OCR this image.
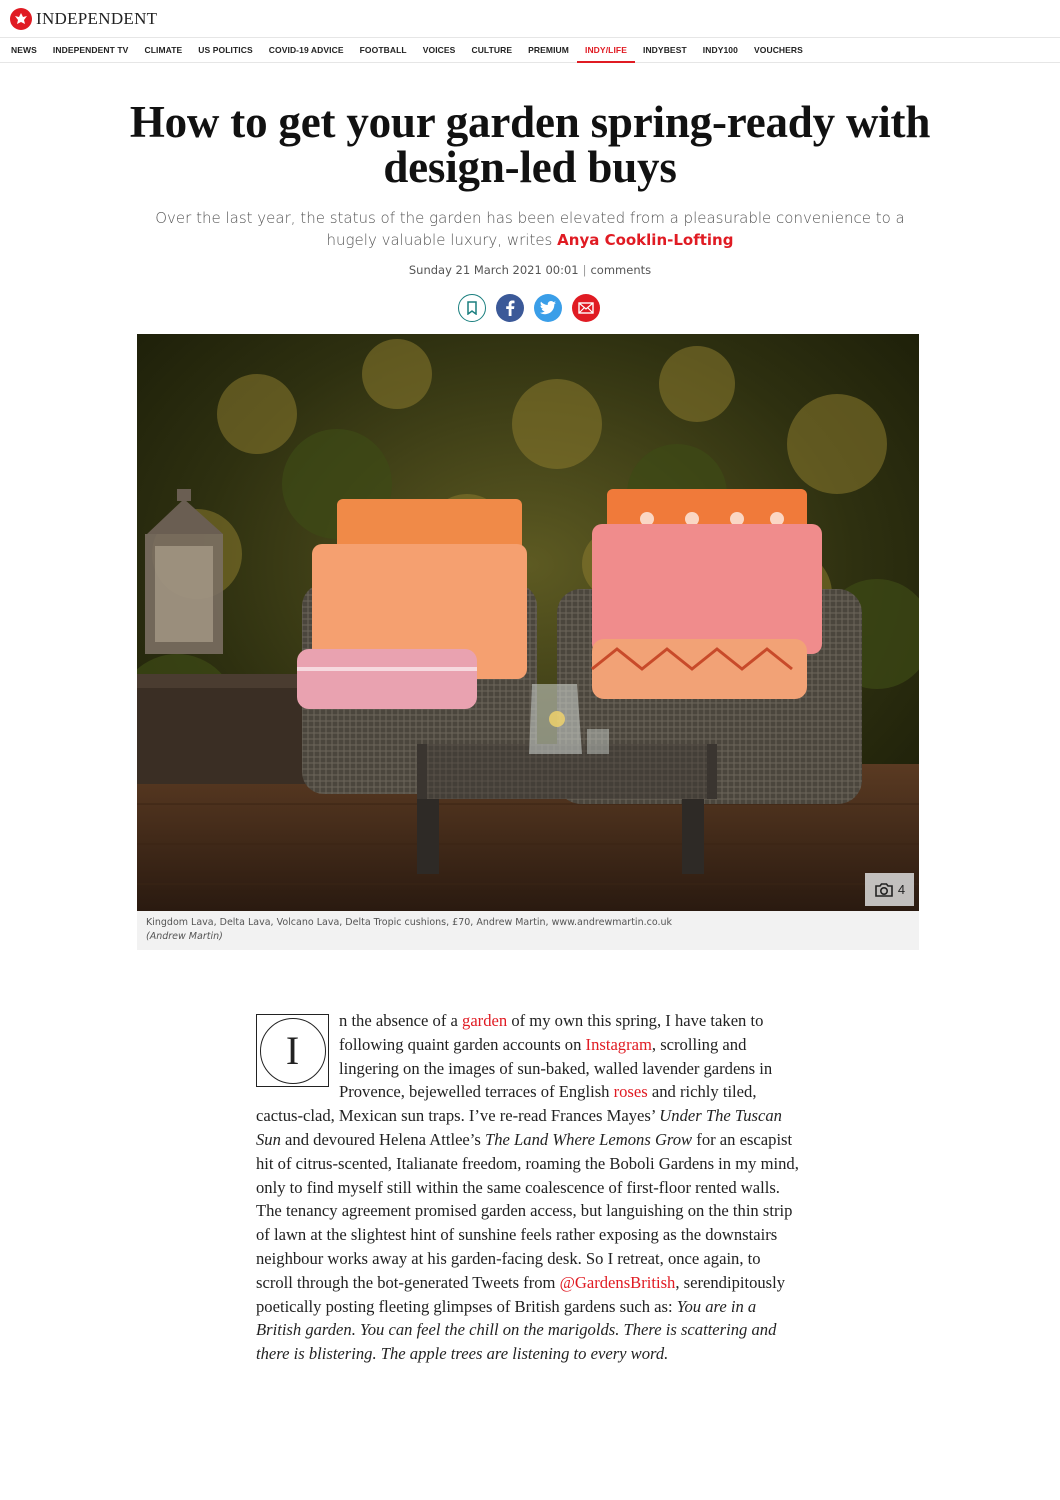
INDEPENDENT
NEWS	INDEPENDENT TV	CLIMATE	US POLITICS	COVID-19 ADVICE	FOOTBALL	VOICES	CULTURE	PREMIUM	INDY/LIFE	INDYBEST	INDY100	VOUCHERS
How to get your garden spring-ready with design-led buys

Over the last year, the status of the garden has been elevated from a pleasurable convenience to a hugely valuable luxury, writes Anya Cooklin-Lofting

Sunday 21 March 2021 00:01 | comments
4
Kingdom Lava, Delta Lava, Volcano Lava, Delta Tropic cushions, £70, Andrew Martin, www.andrewmartin.co.uk
(Andrew Martin)
I

n the absence of a garden of my own this spring, I have taken to following quaint garden accounts on Instagram, scrolling and lingering on the images of sun-baked, walled lavender gardens in Provence, bejewelled terraces of English roses and richly tiled, cactus-clad, Mexican sun traps. I’ve re-read Frances Mayes’ Under The Tuscan Sun and devoured Helena Attlee’s The Land Where Lemons Grow for an escapist hit of citrus-scented, Italianate freedom, roaming the Boboli Gardens in my mind, only to find myself still within the same coalescence of first-floor rented walls. The tenancy agreement promised garden access, but languishing on the thin strip of lawn at the slightest hint of sunshine feels rather exposing as the downstairs neighbour works away at his garden-facing desk. So I retreat, once again, to scroll through the bot-generated Tweets from @GardensBritish, serendipitously poetically posting fleeting glimpses of British gardens such as: You are in a British garden. You can feel the chill on the marigolds. There is scattering and there is blistering. The apple trees are listening to every word.
